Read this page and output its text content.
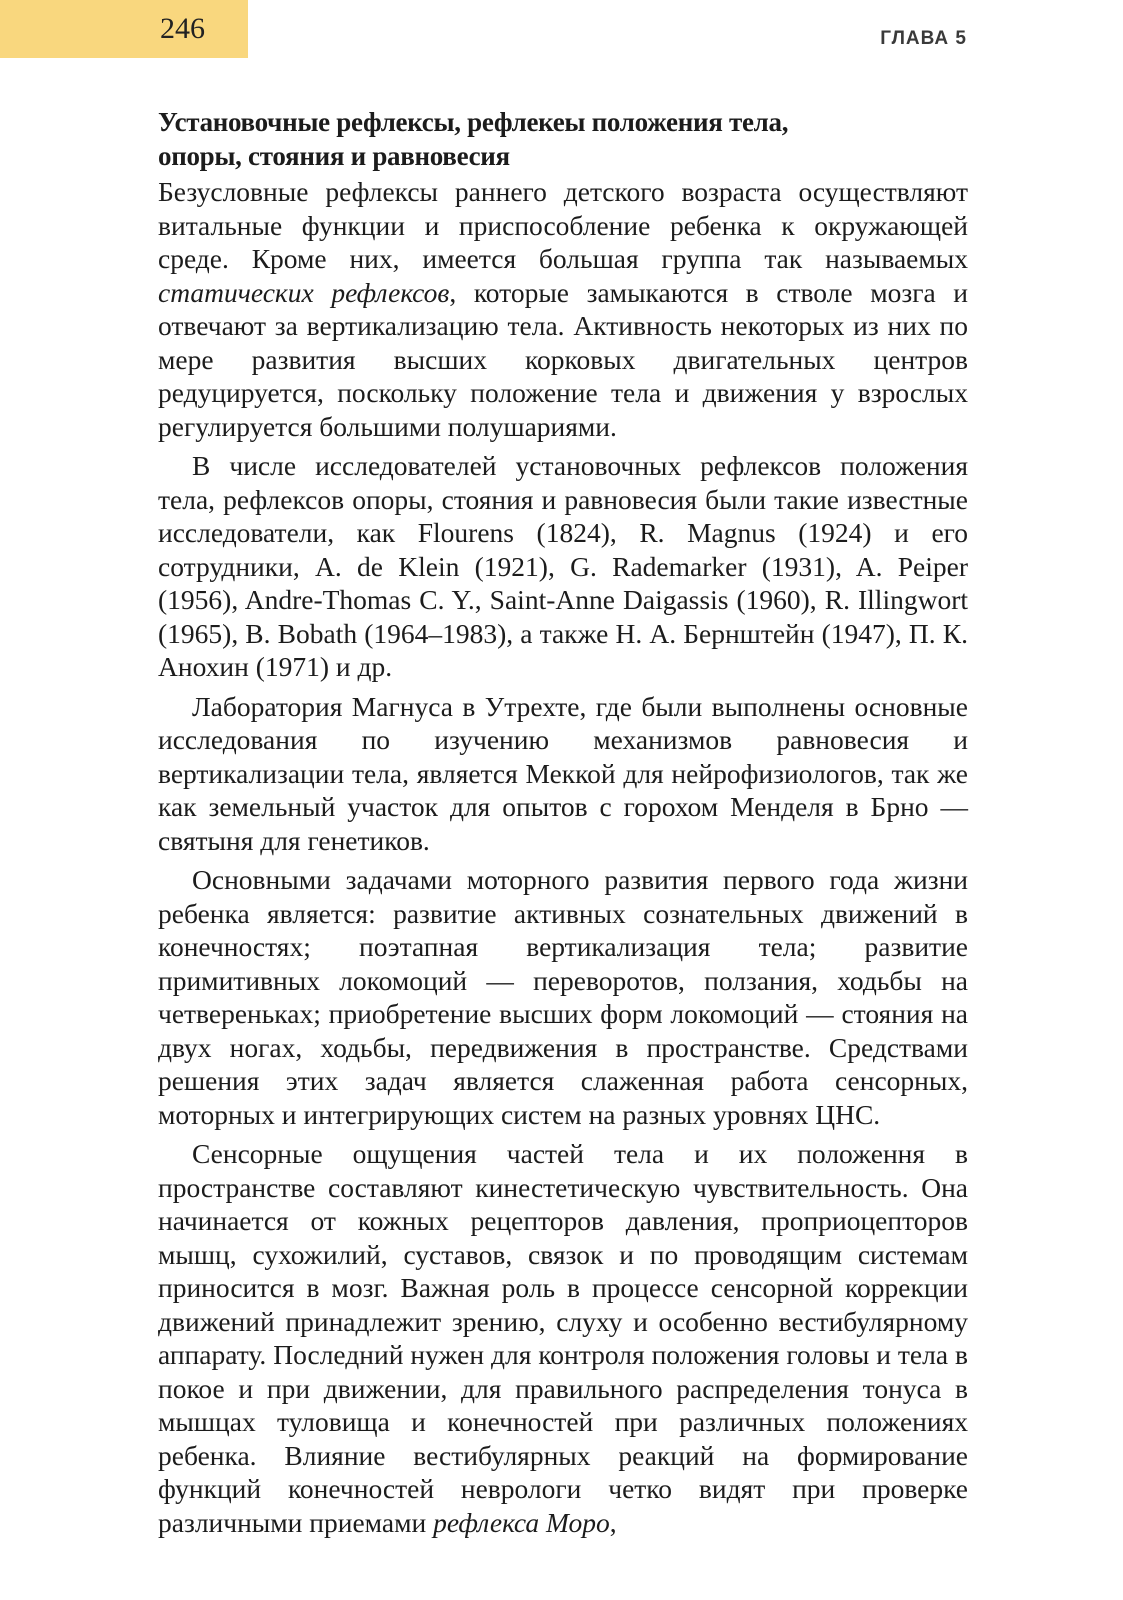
246	ГЛАВА 5
Установочные рефлексы, рефлекеы положения тела,
опоры, стояния и равновесия

Безусловные рефлексы раннего детского возраста осуществляют витальные функции и приспособление ребенка к окружающей среде. Кроме них, имеется большая группа так называемых статических рефлексов, которые замыкаются в стволе мозга и отвечают за вертикализацию тела. Активность некоторых из них по мере развития высших корковых двигательных центров редуцируется, поскольку положение тела и движения у взрослых регулируется большими полушариями.

В числе исследователей установочных рефлексов положения тела, рефлексов опоры, стояния и равновесия были такие известные исследователи, как Flourens (1824), R. Magnus (1924) и его сотрудники, A. de Klein (1921), G. Rademarker (1931), A. Peiper (1956), Andre-Thomas C. Y., Saint-Anne Daigassis (1960), R. Illingwort (1965), B. Bobath (1964–1983), а также Н. А. Бернштейн (1947), П. К. Анохин (1971) и др.

Лаборатория Магнуса в Утрехте, где были выполнены основные исследования по изучению механизмов равновесия и вертикализации тела, является Меккой для нейрофизиологов, так же как земельный участок для опытов с горохом Менделя в Брно — святыня для генетиков.

Основными задачами моторного развития первого года жизни ребенка является: развитие активных сознательных движений в конечностях; поэтапная вертикализация тела; развитие примитивных локомоций — переворотов, ползания, ходьбы на четвереньках; приобретение высших форм локомоций — стояния на двух ногах, ходьбы, передвижения в пространстве. Средствами решения этих задач является слаженная работа сенсорных, моторных и интегрирующих систем на разных уровнях ЦНС.

Сенсорные ощущения частей тела и их положення в пространстве составляют кинестетическую чувствительность. Она начинается от кожных рецепторов давления, проприоцепторов мышц, сухожилий, суставов, связок и по проводящим системам приносится в мозг. Важная роль в процессе сенсорной коррекции движений принадлежит зрению, слуху и особенно вестибулярному аппарату. Последний нужен для контроля положения головы и тела в покое и при движении, для правильного распределения тонуса в мышцах туловища и конечностей при различных положениях ребенка. Влияние вестибулярных реакций на формирование функций конечностей неврологи четко видят при проверке различными приемами рефлекса Моро,
